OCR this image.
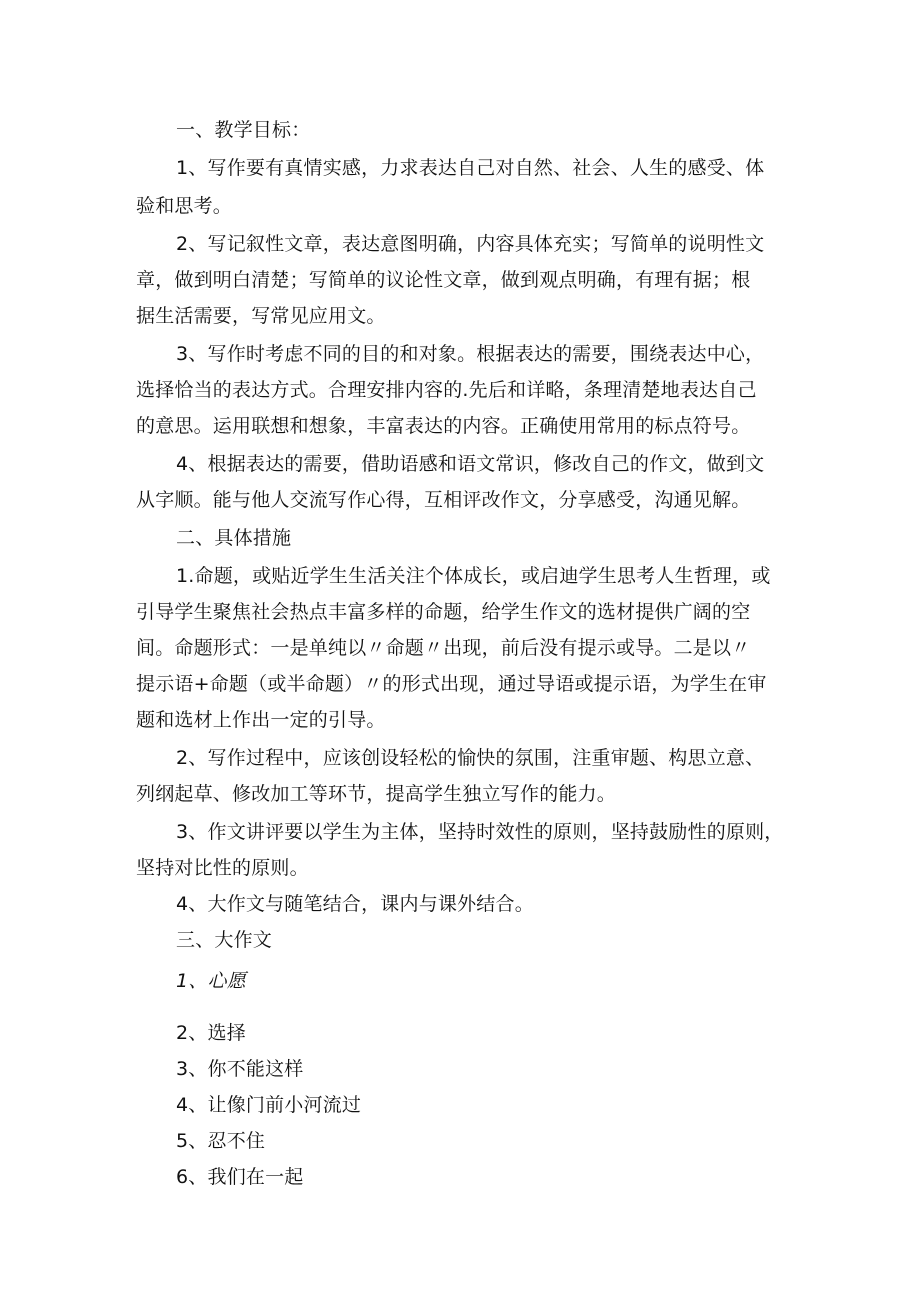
一、教学目标：
1、写作要有真情实感，力求表达自己对自然、社会、人生的感受、体
验和思考。
2、写记叙性文章，表达意图明确，内容具体充实；写简单的说明性文
章，做到明白清楚；写简单的议论性文章，做到观点明确，有理有据；根
据生活需要，写常见应用文。
3、写作时考虑不同的目的和对象。根据表达的需要，围绕表达中心，
选择恰当的表达方式。合理安排内容的.先后和详略，条理清楚地表达自己
的意思。运用联想和想象，丰富表达的内容。正确使用常用的标点符号。
4、根据表达的需要，借助语感和语文常识，修改自己的作文，做到文
从字顺。能与他人交流写作心得，互相评改作文，分享感受，沟通见解。
二、具体措施
1.命题，或贴近学生生活关注个体成长，或启迪学生思考人生哲理，或
引导学生聚焦社会热点丰富多样的命题，给学生作文的选材提供广阔的空
间。命题形式：一是单纯以〃命题〃出现，前后没有提示或导。二是以〃
提示语+命题（或半命题）〃的形式出现，通过导语或提示语，为学生在审
题和选材上作出一定的引导。
2、写作过程中，应该创设轻松的愉快的氛围，注重审题、构思立意、
列纲起草、修改加工等环节，提高学生独立写作的能力。
3、作文讲评要以学生为主体，坚持时效性的原则，坚持鼓励性的原则，
坚持对比性的原则。
4、大作文与随笔结合，课内与课外结合。
三、大作文
1、心愿
2、选择
3、你不能这样
4、让像门前小河流过
5、忍不住
6、我们在一起
